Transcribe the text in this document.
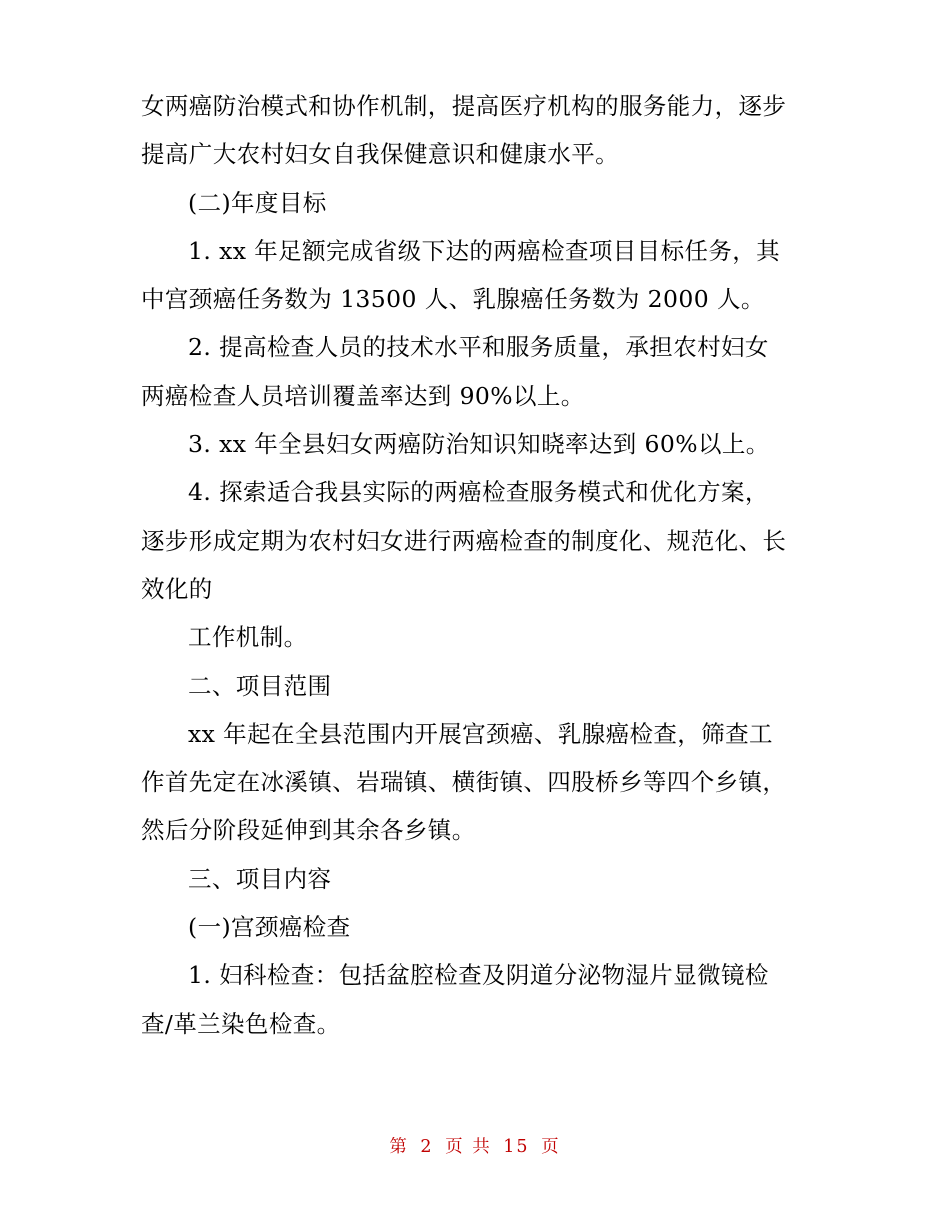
女两癌防治模式和协作机制，提高医疗机构的服务能力，逐步
提高广大农村妇女自我保健意识和健康水平。
(二)年度目标
1. xx 年足额完成省级下达的两癌检查项目目标任务，其
中宫颈癌任务数为 13500 人、乳腺癌任务数为 2000 人。
2. 提高检查人员的技术水平和服务质量，承担农村妇女
两癌检查人员培训覆盖率达到 90%以上。
3. xx 年全县妇女两癌防治知识知晓率达到 60%以上。
4. 探索适合我县实际的两癌检查服务模式和优化方案，
逐步形成定期为农村妇女进行两癌检查的制度化、规范化、长
效化的
工作机制。
二、项目范围
xx 年起在全县范围内开展宫颈癌、乳腺癌检查，筛查工
作首先定在冰溪镇、岩瑞镇、横街镇、四股桥乡等四个乡镇，
然后分阶段延伸到其余各乡镇。
三、项目内容
(一)宫颈癌检查
1. 妇科检查：包括盆腔检查及阴道分泌物湿片显微镜检
查/革兰染色检查。
第 2 页 共 15 页
